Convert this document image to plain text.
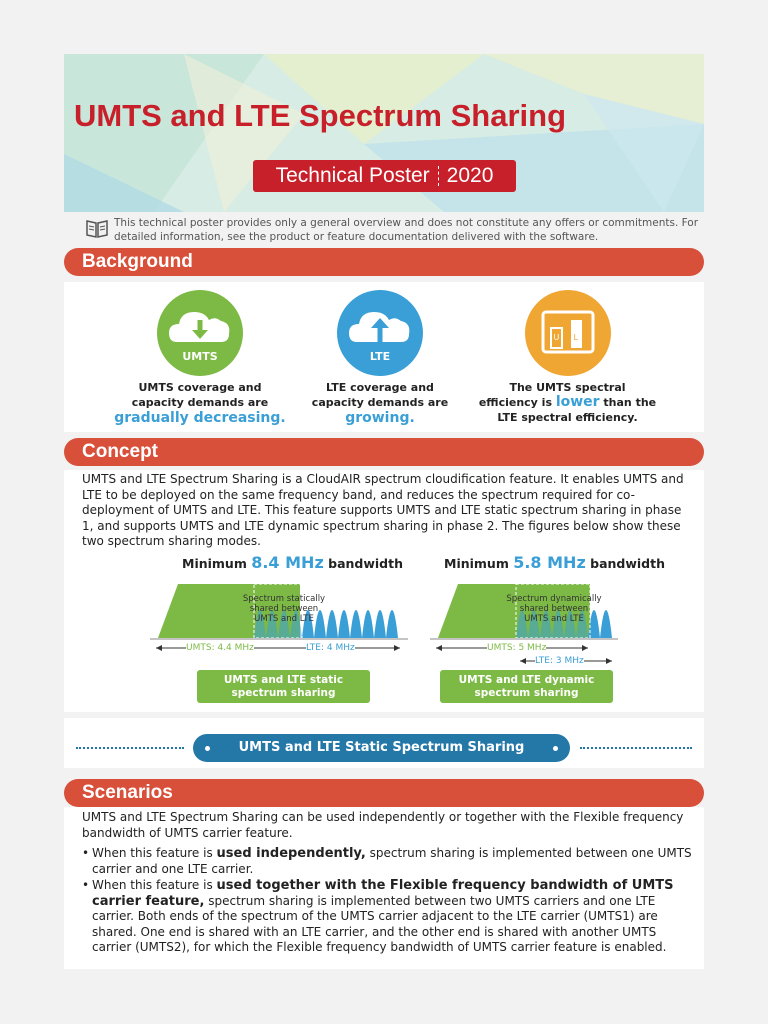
UMTS and LTE Spectrum Sharing
Technical Poster 2020
This technical poster provides only a general overview and does not constitute any offers or commitments. For detailed information, see the product or feature documentation delivered with the software.
Background
UMTS
UMTS coverage and
capacity demands are
gradually decreasing.
LTE
LTE coverage and
capacity demands are
growing.
U L
The UMTS spectral
efficiency is lower than the
LTE spectral efficiency.
Concept
UMTS and LTE Spectrum Sharing is a CloudAIR spectrum cloudification feature. It enables UMTS and LTE to be deployed on the same frequency band, and reduces the spectrum required for co-deployment of UMTS and LTE. This feature supports UMTS and LTE static spectrum sharing in phase 1, and supports UMTS and LTE dynamic spectrum sharing in phase 2. The figures below show these two spectrum sharing modes.
Minimum 8.4 MHz bandwidth
Spectrum statically
shared between
UMTS and LTE
UMTS: 4.4 MHz	LTE: 4 MHz
UMTS and LTE static
spectrum sharing
Minimum 5.8 MHz bandwidth
Spectrum dynamically
shared between
UMTS and LTE
UMTS: 5 MHz
LTE: 3 MHz
UMTS and LTE dynamic
spectrum sharing
UMTS and LTE Static Spectrum Sharing
Scenarios
UMTS and LTE Spectrum Sharing can be used independently or together with the Flexible frequency bandwidth of UMTS carrier feature.
• When this feature is used independently, spectrum sharing is implemented between one UMTS carrier and one LTE carrier.
• When this feature is used together with the Flexible frequency bandwidth of UMTS carrier feature, spectrum sharing is implemented between two UMTS carriers and one LTE carrier. Both ends of the spectrum of the UMTS carrier adjacent to the LTE carrier (UMTS1) are shared. One end is shared with an LTE carrier, and the other end is shared with another UMTS carrier (UMTS2), for which the Flexible frequency bandwidth of UMTS carrier feature is enabled.
